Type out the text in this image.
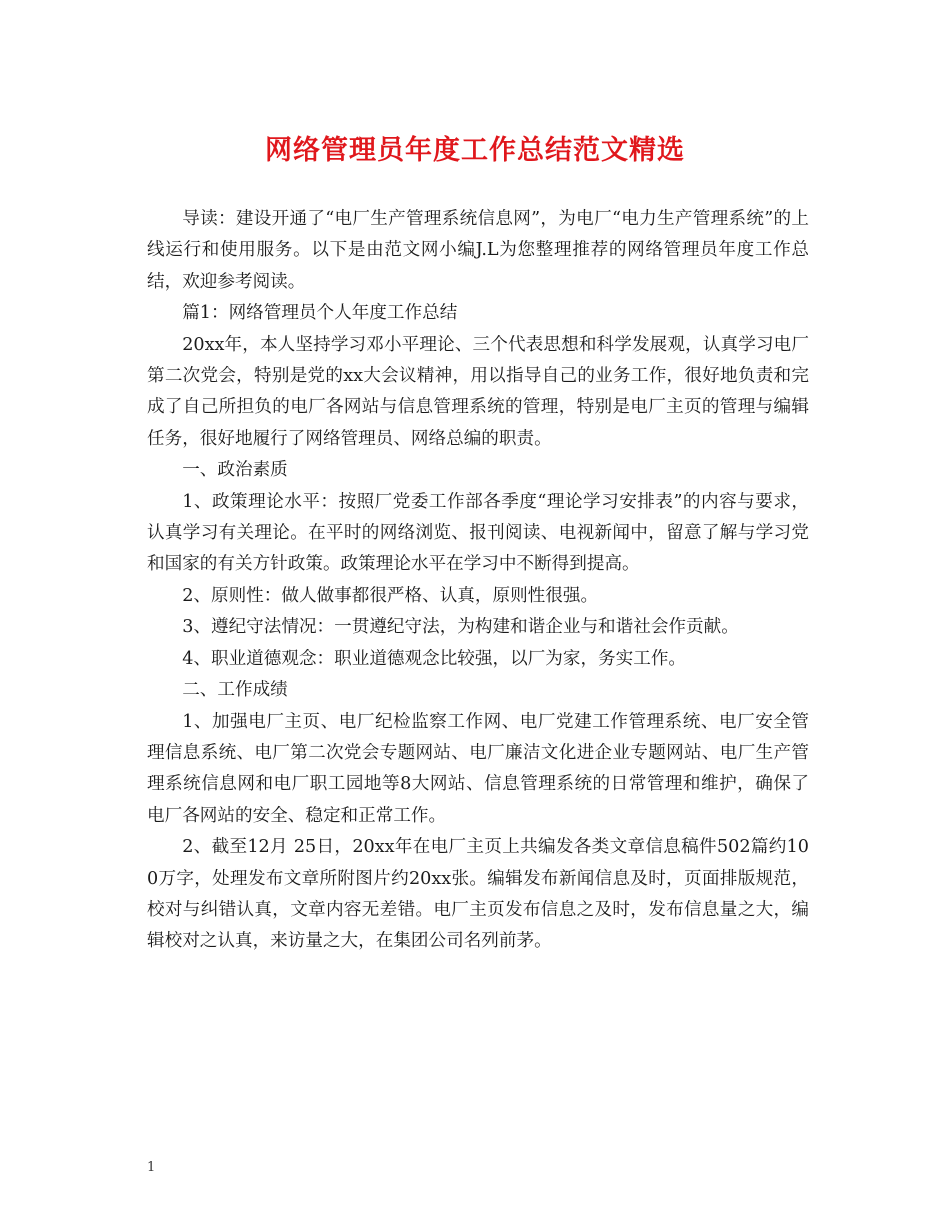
网络管理员年度工作总结范文精选

导读：建设开通了“电厂生产管理系统信息网”，为电厂“电力生产管理系统”的上线运行和使用服务。以下是由范文网小编J.L为您整理推荐的网络管理员年度工作总结，欢迎参考阅读。

篇1：网络管理员个人年度工作总结

20xx年，本人坚持学习邓小平理论、三个代表思想和科学发展观，认真学习电厂第二次党会，特别是党的xx大会议精神，用以指导自己的业务工作，很好地负责和完成了自己所担负的电厂各网站与信息管理系统的管理，特别是电厂主页的管理与编辑任务，很好地履行了网络管理员、网络总编的职责。

一、政治素质

1、政策理论水平：按照厂党委工作部各季度“理论学习安排表”的内容与要求，认真学习有关理论。在平时的网络浏览、报刊阅读、电视新闻中，留意了解与学习党和国家的有关方针政策。政策理论水平在学习中不断得到提高。

2、原则性：做人做事都很严格、认真，原则性很强。

3、遵纪守法情况：一贯遵纪守法，为构建和谐企业与和谐社会作贡献。

4、职业道德观念：职业道德观念比较强，以厂为家，务实工作。

二、工作成绩

1、加强电厂主页、电厂纪检监察工作网、电厂党建工作管理系统、电厂安全管理信息系统、电厂第二次党会专题网站、电厂廉洁文化进企业专题网站、电厂生产管理系统信息网和电厂职工园地等8大网站、信息管理系统的日常管理和维护，确保了电厂各网站的安全、稳定和正常工作。

2、截至12月 25日，20xx年在电厂主页上共编发各类文章信息稿件502篇约100万字，处理发布文章所附图片约20xx张。编辑发布新闻信息及时，页面排版规范，校对与纠错认真，文章内容无差错。电厂主页发布信息之及时，发布信息量之大，编辑校对之认真，来访量之大，在集团公司名列前茅。

1
